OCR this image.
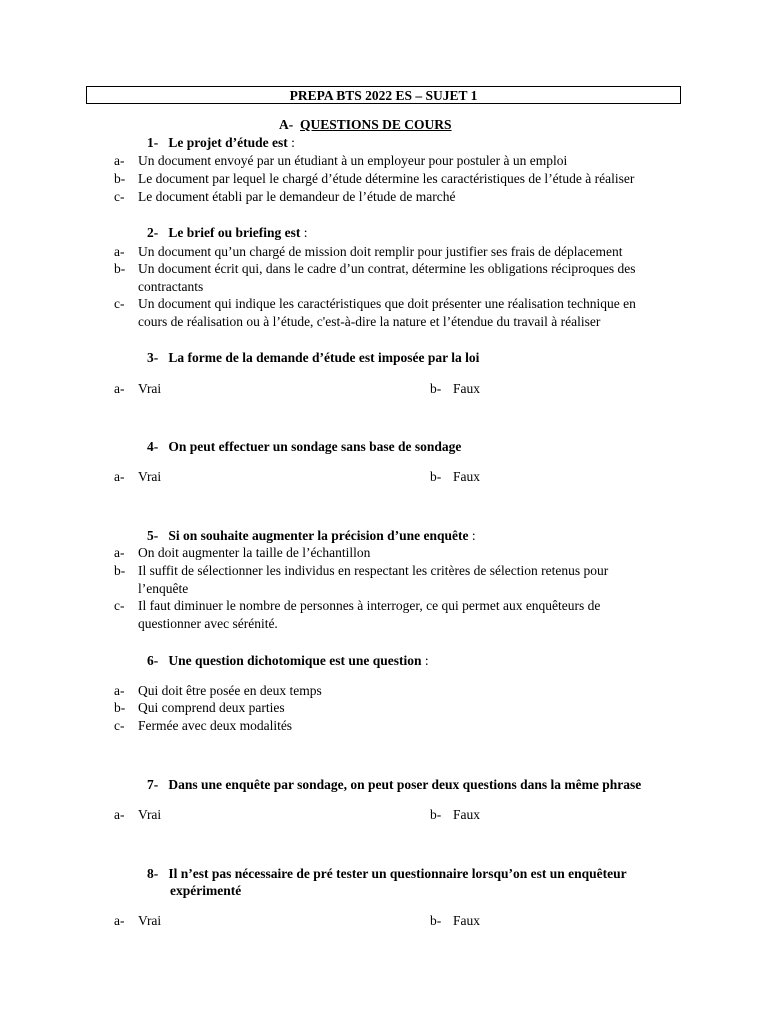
PREPA BTS 2022 ES – SUJET 1
A- QUESTIONS DE COURS
1- Le projet d’étude est :
a- Un document envoyé par un étudiant à un employeur pour postuler à un emploi
b- Le document par lequel le chargé d’étude détermine les caractéristiques de l’étude à réaliser
c- Le document établi par le demandeur de l’étude de marché
2- Le brief ou briefing est :
a- Un document qu’un chargé de mission doit remplir pour justifier ses frais de déplacement
b- Un document écrit qui, dans le cadre d’un contrat, détermine les obligations réciproques des
contractants
c- Un document qui indique les caractéristiques que doit présenter une réalisation technique en
cours de réalisation ou à l’étude, c'est-à-dire la nature et l’étendue du travail à réaliser
3- La forme de la demande d’étude est imposée par la loi
a- Vrai	b- Faux
4- On peut effectuer un sondage sans base de sondage
a- Vrai	b- Faux
5- Si on souhaite augmenter la précision d’une enquête :
a- On doit augmenter la taille de l’échantillon
b- Il suffit de sélectionner les individus en respectant les critères de sélection retenus pour
l’enquête
c- Il faut diminuer le nombre de personnes à interroger, ce qui permet aux enquêteurs de
questionner avec sérénité.
6- Une question dichotomique est une question :
a- Qui doit être posée en deux temps
b- Qui comprend deux parties
c- Fermée avec deux modalités
7- Dans une enquête par sondage, on peut poser deux questions dans la même phrase
a- Vrai	b- Faux
8- Il n’est pas nécessaire de pré tester un questionnaire lorsqu’on est un enquêteur
expérimenté
a- Vrai	b- Faux
